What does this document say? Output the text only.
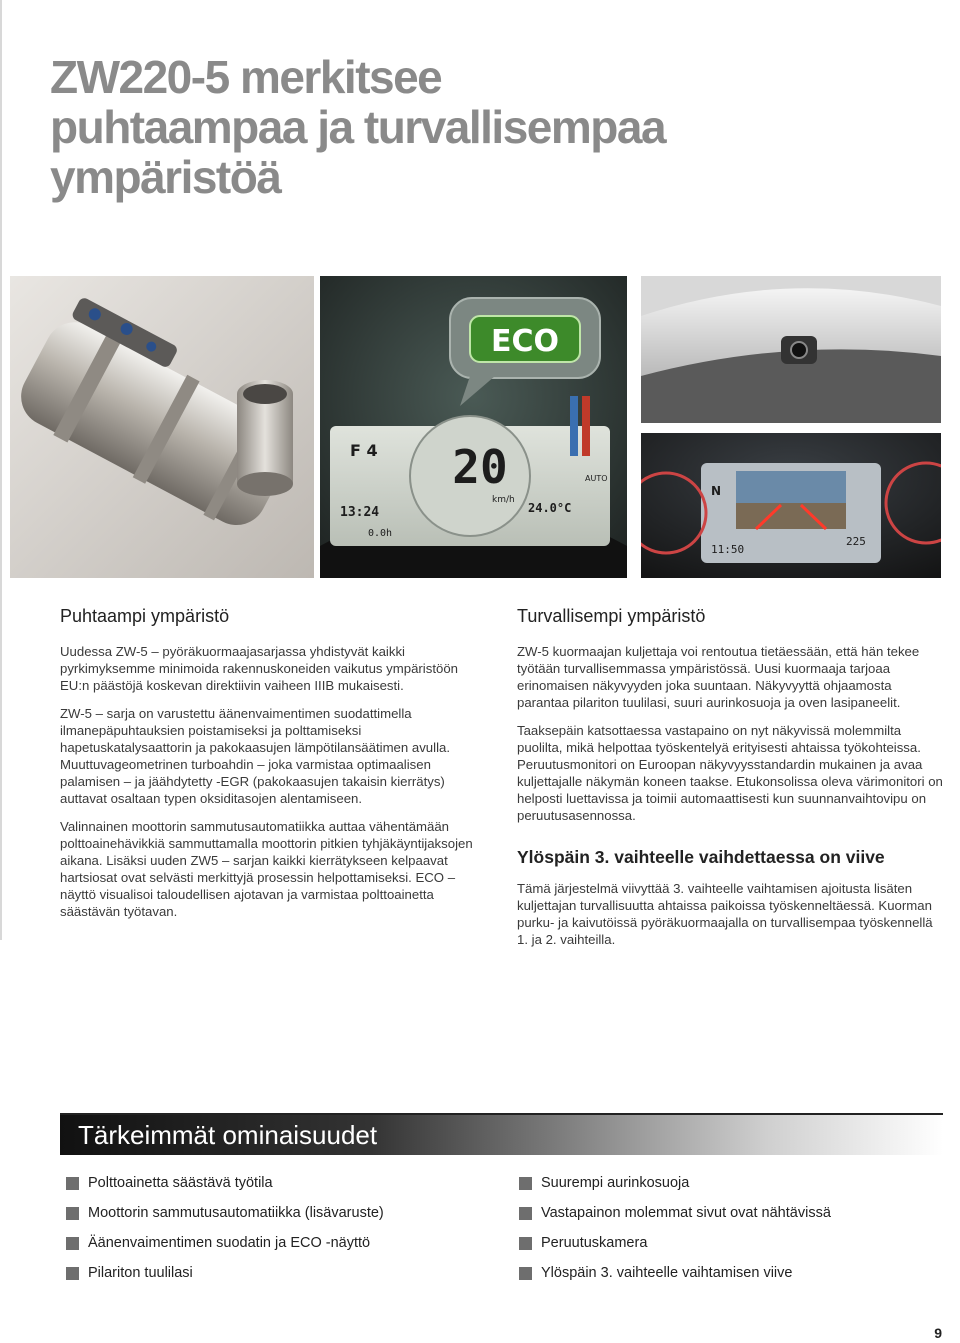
ZW220-5 merkitsee
puhtaampaa ja turvallisempaa
ympäristöä
ECO
20
km/h
F 4
13:24
0.0h
24.0°C
AUTO
N
11:50
225
Puhtaampi ympäristö

Uudessa ZW-5 – pyöräkuormaajasarjassa yhdistyvät kaikki pyrkimyksemme minimoida rakennuskoneiden vaikutus ympäristöön EU:n päästöjä koskevan direktiivin vaiheen IIIB mukaisesti.

ZW-5 – sarja on varustettu äänenvaimentimen suodattimella ilmanepäpuhtauksien poistamiseksi ja polttamiseksi hapetuskatalysaattorin ja pakokaasujen lämpötilansäätimen avulla. Muuttuvageometrinen turboahdin – joka varmistaa optimaalisen palamisen – ja jäähdytetty -EGR (pakokaasujen takaisin kierrätys) auttavat osaltaan typen oksiditasojen alentamiseen.

Valinnainen moottorin sammutusautomatiikka auttaa vähentämään polttoainehävikkiä sammuttamalla moottorin pitkien tyhjäkäyntijaksojen aikana. Lisäksi uuden ZW5 – sarjan kaikki kierrätykseen kelpaavat hartsiosat ovat selvästi merkittyjä prosessin helpottamiseksi. ECO – näyttö visualisoi taloudellisen ajotavan ja varmistaa polttoainetta säästävän työtavan.

Turvallisempi ympäristö

ZW-5 kuormaajan kuljettaja voi rentoutua tietäessään, että hän tekee työtään turvallisemmassa ympäristössä. Uusi kuormaaja tarjoaa erinomaisen näkyvyyden joka suuntaan. Näkyvyyttä ohjaamosta parantaa pilariton tuulilasi, suuri aurinkosuoja ja oven lasipaneelit.

Taaksepäin katsottaessa vastapaino on nyt näkyvissä molemmilta puolilta, mikä helpottaa työskentelyä erityisesti ahtaissa työkohteissa. Peruutusmonitori on Euroopan näkyvyysstandardin mukainen ja avaa kuljettajalle näkymän koneen taakse. Etukonsolissa oleva värimonitori on helposti luettavissa ja toimii automaattisesti kun suunnanvaihtovipu on peruutusasennossa.

Ylöspäin 3. vaihteelle vaihdettaessa on viive

Tämä järjestelmä viivyttää 3. vaihteelle vaihtamisen ajoitusta lisäten kuljettajan turvallisuutta ahtaissa paikoissa työskenneltäessä. Kuorman purku- ja kaivutöissä pyöräkuormaajalla on turvallisempaa työskennellä 1. ja 2. vaihteilla.

Tärkeimmät ominaisuudet
Polttoainetta säästävä työtila
Moottorin sammutusautomatiikka (lisävaruste)
Äänenvaimentimen suodatin ja ECO -näyttö
Pilariton tuulilasi
Suurempi aurinkosuoja
Vastapainon molemmat sivut ovat nähtävissä
Peruutuskamera
Ylöspäin 3. vaihteelle vaihtamisen viive
9
